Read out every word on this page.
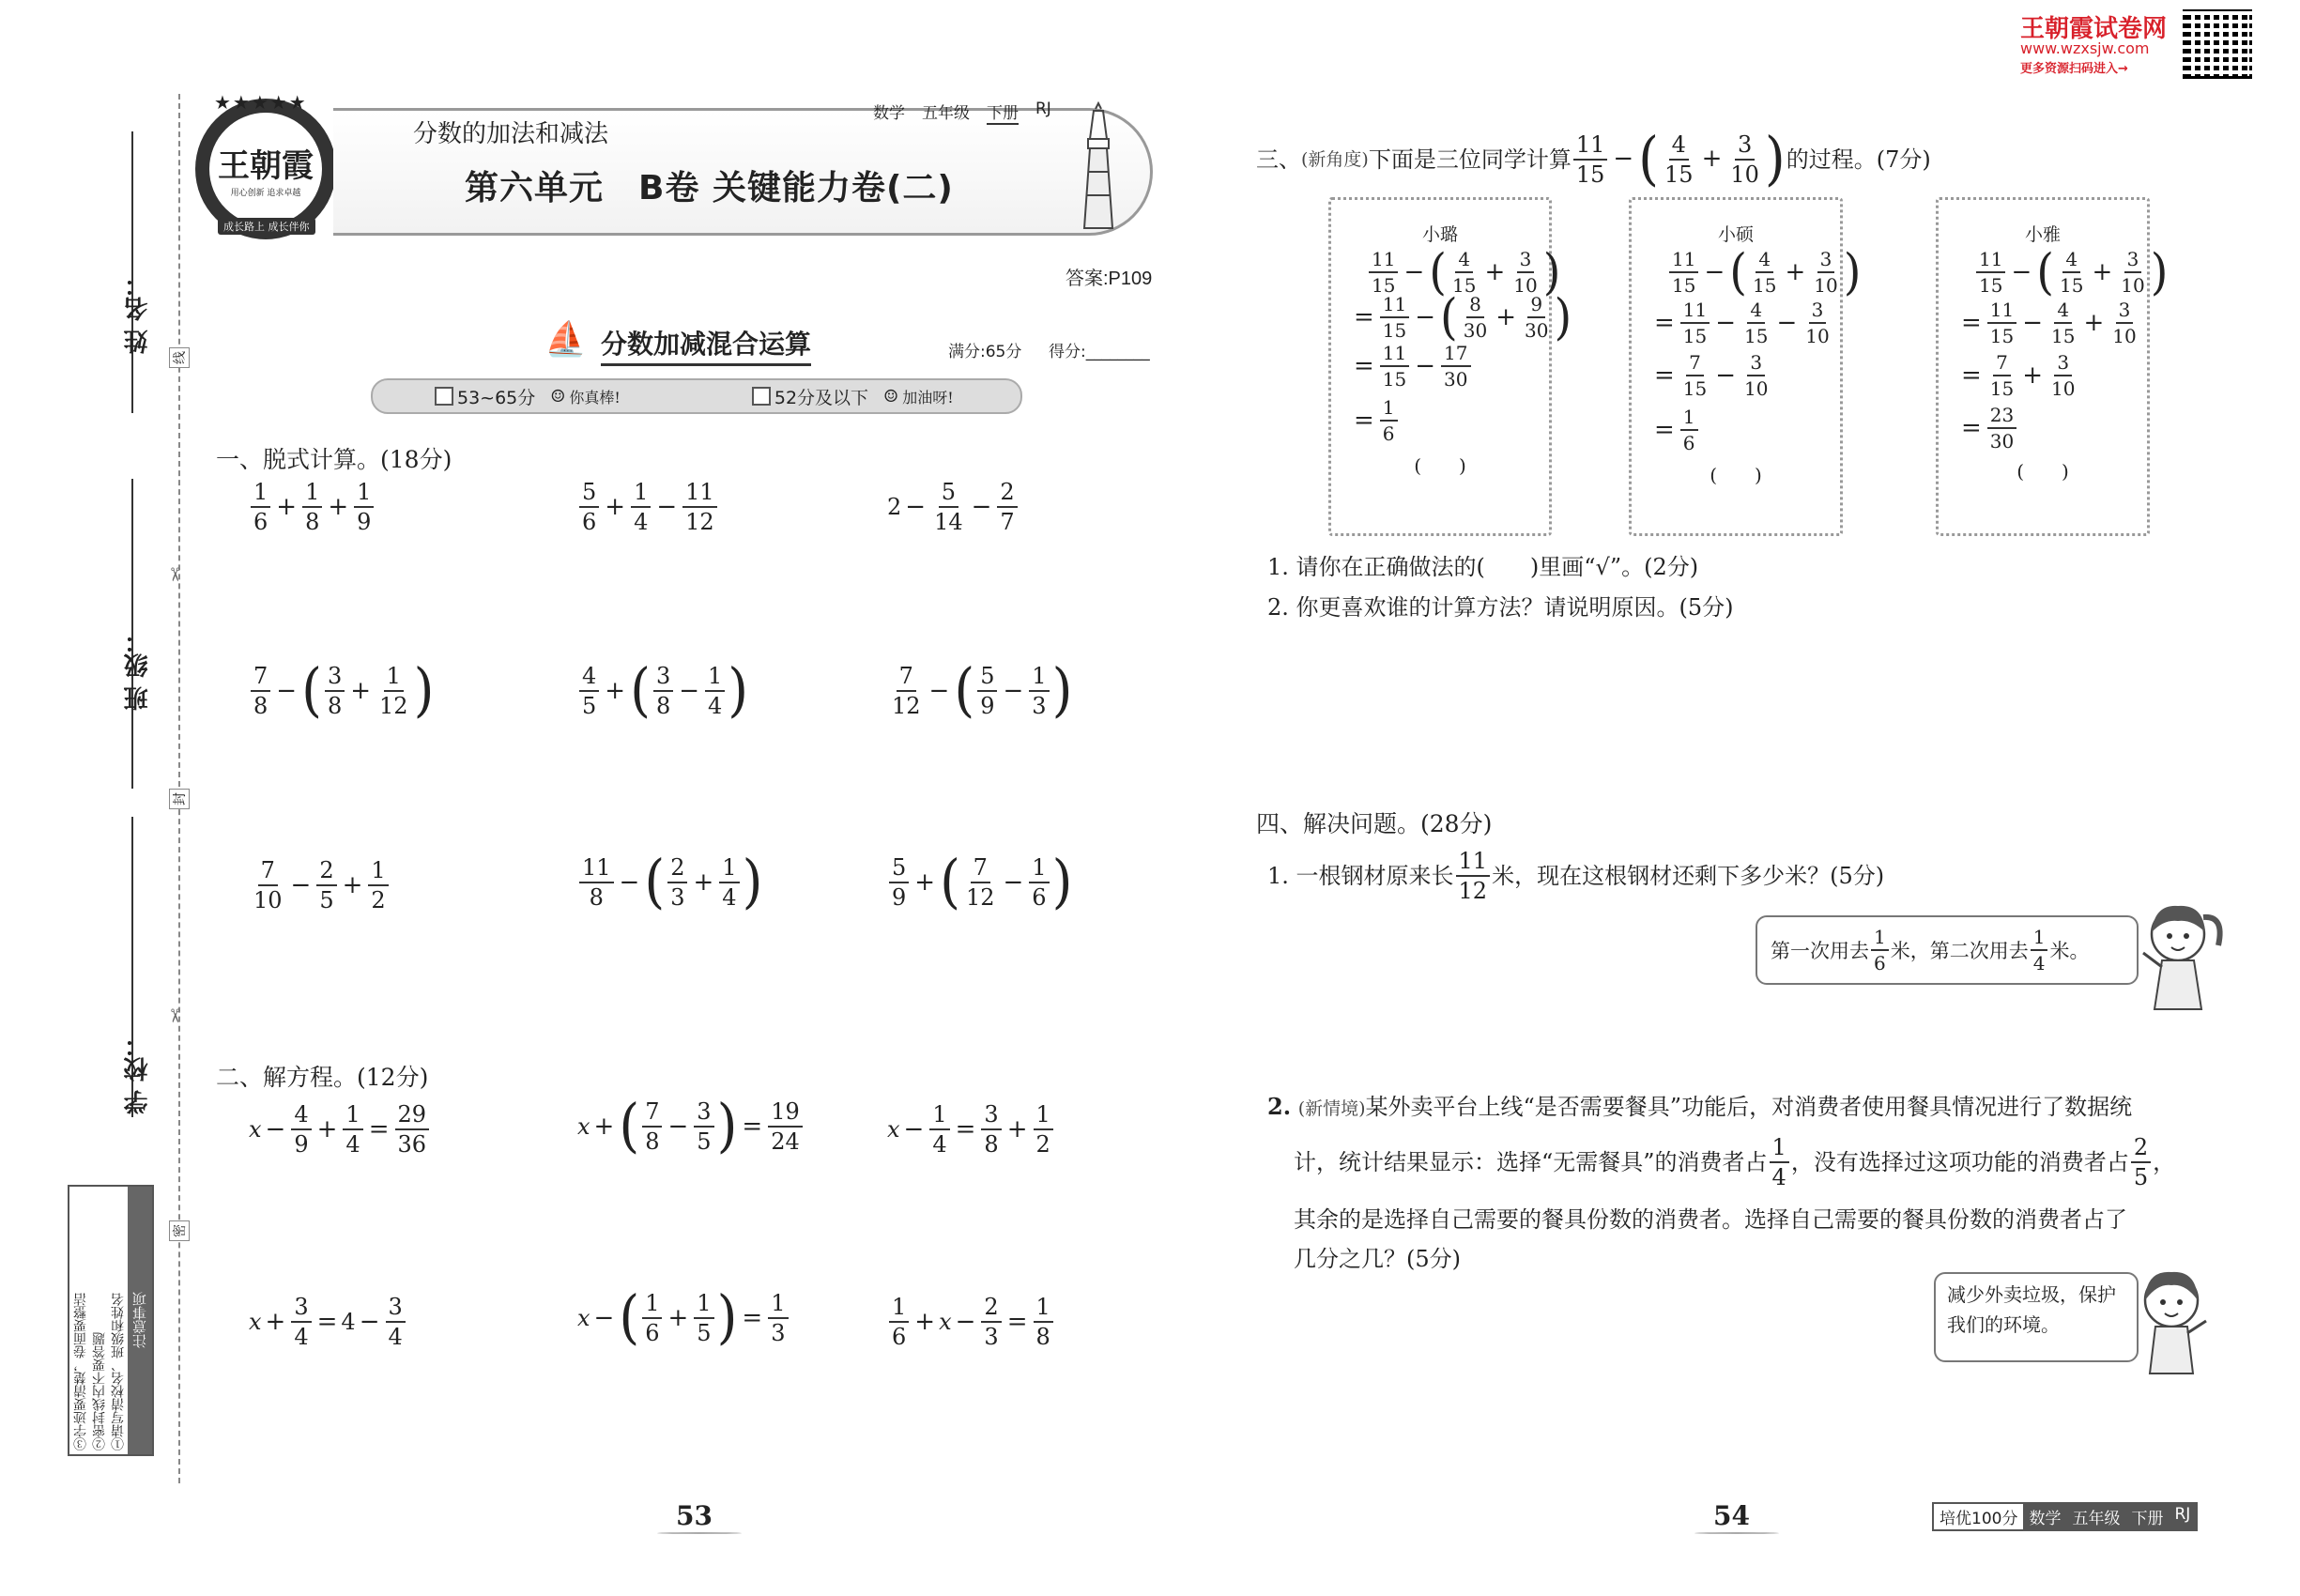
姓 名：
班 级：
学 校：
线
封
密
✂
✂
注意事项
①请写清校名、班级和姓名
②密封线内不要答题
③字迹要清楚，卷面要整洁
王朝霞
用心创新 追求卓越
★★★★★
成长路上 成长伴你
分数的加法和减法
数学 五年级 下册 RJ
第六单元　B卷 关键能力卷(二)
答案:P109
⛵ 分数加减混合运算	满分:65分 得分:________
53~65分 ☺ 你真棒!	52分及以下 ☺ 加油呀!
一、脱式计算。(18分)
1
6
+ $\frac{1}{8} + \frac{1}{9}$	5
6
+ $\frac{1}{4} - \frac{11}{12}$	$2 - \frac{5}{14} - \frac{2}{7}$
7
8
− ( 3
8
+ $\frac{1}{12}$ )	4
5
+ ( 3
8
− $\frac{1}{4}$ )	7
12
− ( 5
9
− $\frac{1}{3}$ )
7
10
− $\frac{2}{5} + \frac{1}{2}$	11
8
− ( 2
3
+ $\frac{1}{4}$ )	5
9
+ ( 7
12
− $\frac{1}{6}$ )
二、解方程。(12分)
$x - \frac{4}{9} + \frac{1}{4} = \frac{29}{36}$	x + ( 7
8
− $\frac{3}{5}$ ) = $\frac{19}{24}$	$x - \frac{1}{4} = \frac{3}{8} + \frac{1}{2}$
$x + \frac{3}{4} = 4 - \frac{3}{4}$	x − ( 1
6
+ $\frac{1}{5}$ ) = $\frac{1}{3}$	1
6
+ $x - \frac{2}{3} = \frac{1}{8}$
53
王朝霞试卷网
www.wzxsjw.com
更多资源扫码进入→
三、 (新角度) 下面是三位同学计算
11
15
− ( 4
15
+ $\frac{3}{10}$ ) 的过程。(7分)
小璐
11
15 − ( 4
$15 + \frac{3}{10}$ )
= $\frac{11}{15}$ − ( 8
$30 + \frac{9}{30}$ )
= $\frac{11}{15} - \frac{17}{30}$
= $\frac{1}{6}$
(　　)
小硕
11
15 − ( 4
$15 + \frac{3}{10}$ )
= $\frac{11}{15} - \frac{4}{15} - \frac{3}{10}$
= $\frac{7}{15} - \frac{3}{10}$
= $\frac{1}{6}$
(　　)
小雅
11
15 − ( 4
$15 + \frac{3}{10}$ )
= $\frac{11}{15} - \frac{4}{15} + \frac{3}{10}$
= $\frac{7}{15} + \frac{3}{10}$
= $\frac{23}{30}$
(　　)
1. 请你在正确做法的(　　)里画“√”。(2分)
2. 你更喜欢谁的计算方法？请说明原因。(5分)
四、解决问题。(28分)
1. 一根钢材原来长
11
12
米，现在这根钢材还剩下多少米？(5分)
第一次用去
1
6
米，第二次用去
1
4
米。
2. (新情境)某外卖平台上线“是否需要餐具”功能后，对消费者使用餐具情况进行了数据统
计，统计结果显示：选择“无需餐具”的消费者占
1
4
，没有选择过这项功能的消费者占
2
5
，
其余的是选择自己需要的餐具份数的消费者。选择自己需要的餐具份数的消费者占了
几分之几？(5分)
减少外卖垃圾，保护我们的环境。
54	培优100分 数学 五年级 下册 RJ
